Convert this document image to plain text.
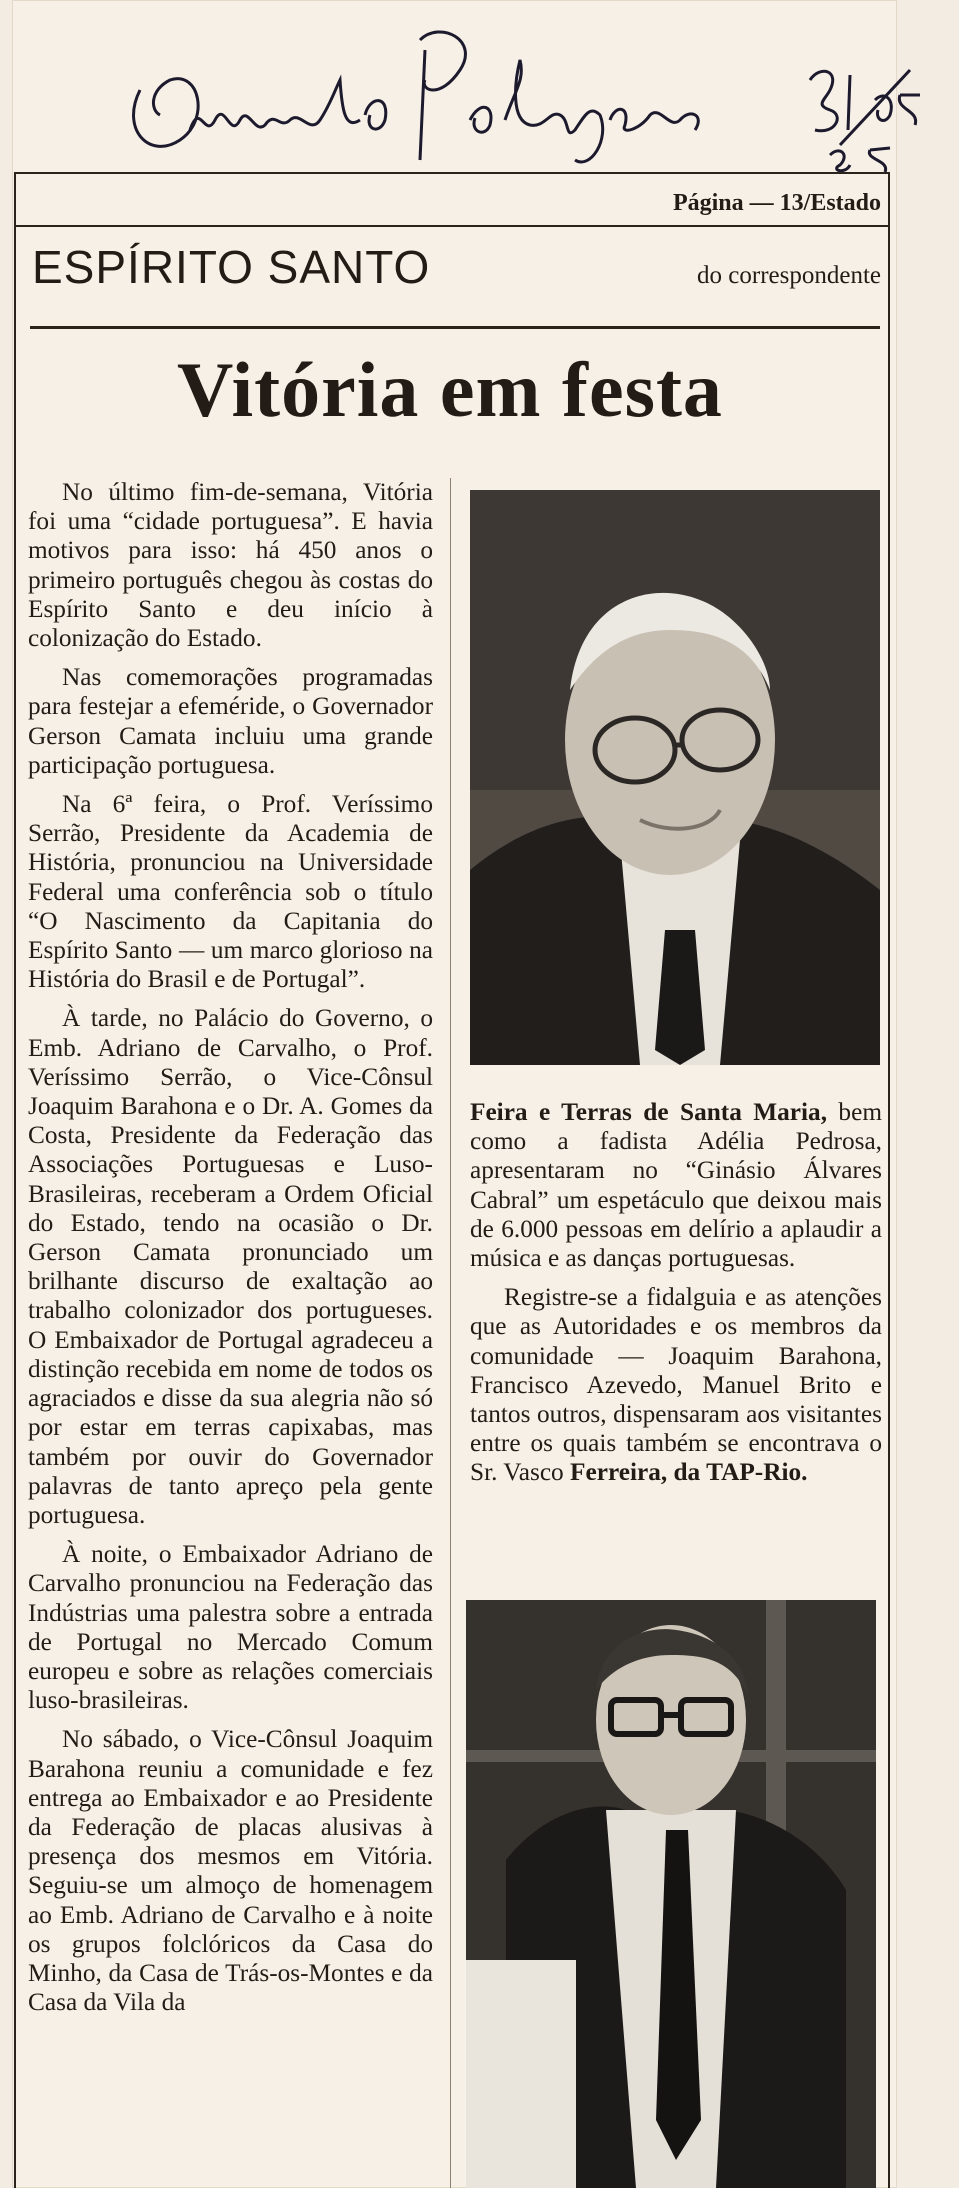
O Mundo Português
Página — 13/Estado
ESPÍRITO SANTO	do correspondente
Vitória em festa

No último fim-de-semana, Vitória foi uma “cidade portuguesa”. E havia motivos para isso: há 450 anos o primeiro português chegou às costas do Espírito Santo e deu início à colonização do Estado.

Nas comemorações programadas para festejar a efeméride, o Governador Gerson Camata incluiu uma grande participação portuguesa.

Na 6ª feira, o Prof. Veríssimo Serrão, Presidente da Academia de História, pronunciou na Universidade Federal uma conferência sob o título “O Nascimento da Capitania do Espírito Santo — um marco glorioso na História do Brasil e de Portugal”.

À tarde, no Palácio do Governo, o Emb. Adriano de Carvalho, o Prof. Veríssimo Serrão, o Vice-Cônsul Joaquim Barahona e o Dr. A. Gomes da Costa, Presidente da Federação das Associações Portuguesas e Luso-Brasileiras, receberam a Ordem Oficial do Estado, tendo na ocasião o Dr. Gerson Camata pronunciado um brilhante discurso de exaltação ao trabalho colonizador dos portugueses. O Embaixador de Portugal agradeceu a distinção recebida em nome de todos os agraciados e disse da sua alegria não só por estar em terras capixabas, mas também por ouvir do Governador palavras de tanto apreço pela gente portuguesa.

À noite, o Embaixador Adriano de Carvalho pronunciou na Federação das Indústrias uma palestra sobre a entrada de Portugal no Mercado Comum europeu e sobre as relações comerciais luso-brasileiras.

No sábado, o Vice-Cônsul Joaquim Barahona reuniu a comunidade e fez entrega ao Embaixador e ao Presidente da Federação de placas alusivas à presença dos mesmos em Vitória. Seguiu-se um almoço de homenagem ao Emb. Adriano de Carvalho e à noite os grupos folclóricos da Casa do Minho, da Casa de Trás-os-Montes e da Casa da Vila da

Feira e Terras de Santa Maria, bem como a fadista Adélia Pedrosa, apresentaram no “Ginásio Álvares Cabral” um espetáculo que deixou mais de 6.000 pessoas em delírio a aplaudir a música e as danças portuguesas.

Registre-se a fidalguia e as atenções que as Autoridades e os membros da comunidade — Joaquim Barahona, Francisco Azevedo, Manuel Brito e tantos outros, dispensaram aos visitantes entre os quais também se encontrava o Sr. Vasco Ferreira, da TAP-Rio.
